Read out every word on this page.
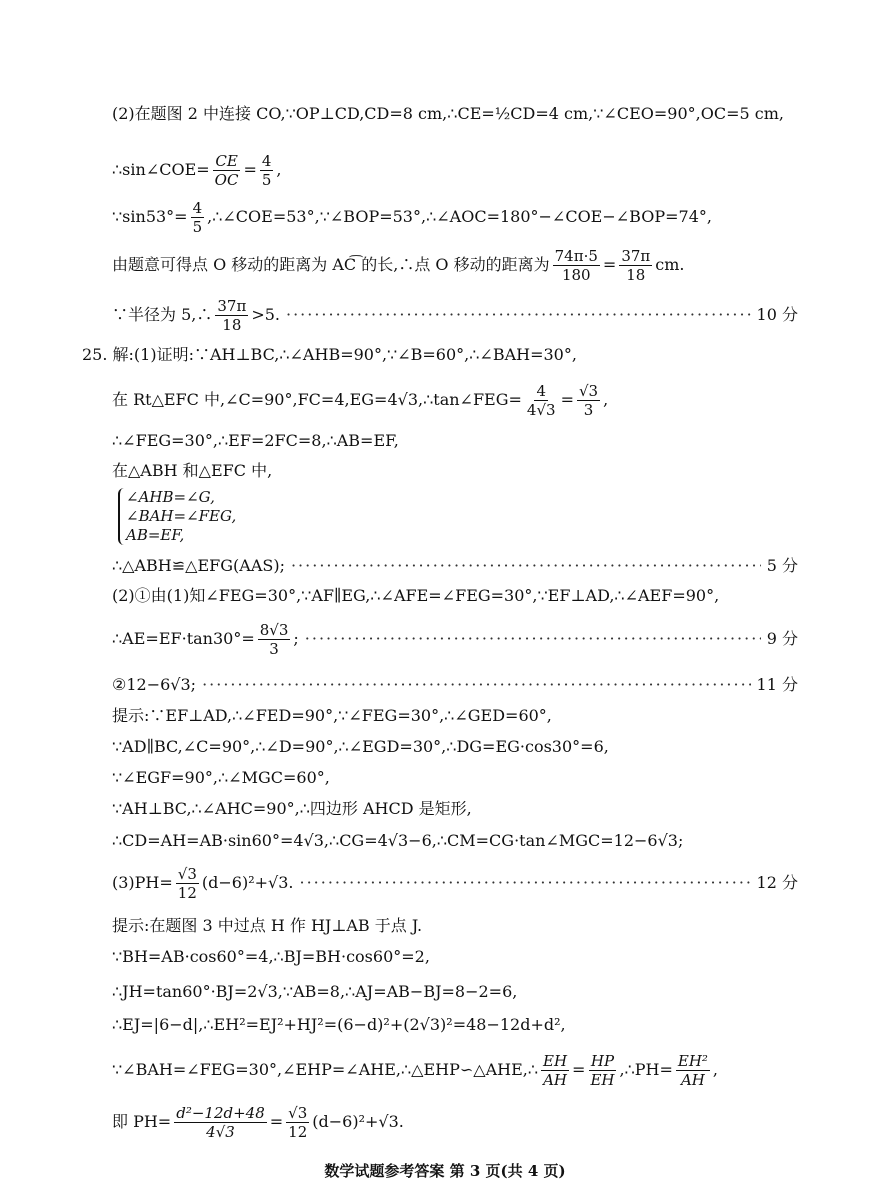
(2)在题图 2 中连接 CO,∵OP⊥CD,CD=8 cm,∴CE=½CD=4 cm,∵∠CEO=90°,OC=5 cm,
∴sin∠COE= $\frac{CE}{OC} = \frac{4}{5}$ ,
∵sin53°= $\frac{4}{5}$ ,∴∠COE=53°,∵∠BOP=53°,∴∠AOC=180°−∠COE−∠BOP=74°,
由题意可得点 O 移动的距离为 AC͡ 的长,∴点 O 移动的距离为 $\frac{74\pi\cdot 5}{180} = \frac{37\pi}{18}$ cm.
∵半径为 5,∴ $\frac{37\pi}{18} >5$. ·····	10 分
25. 解:(1)证明:∵AH⊥BC,∴∠AHB=90°,∵∠B=60°,∴∠BAH=30°,
在 Rt△EFC 中,∠C=90°,FC=4,EG=4√3,∴tan∠FEG= $\frac{4}{4√3} = \frac{√3}{3}$ ,
∴∠FEG=30°,∴EF=2FC=8,∴AB=EF,
在△ABH 和△EFC 中,
∠AHB=∠G,
∠BAH=∠FEG,
AB=EF,
∴△ABH≌△EFG(AAS); ·····	5 分
(2)①由(1)知∠FEG=30°,∵AF∥EG,∴∠AFE=∠FEG=30°,∵EF⊥AD,∴∠AEF=90°,
∴AE=EF·tan30°= $\frac{8√3}{3}$ ; ·····	9 分
②12−6√3; ·····	11 分
提示:∵EF⊥AD,∴∠FED=90°,∵∠FEG=30°,∴∠GED=60°,
∵AD∥BC,∠C=90°,∴∠D=90°,∴∠EGD=30°,∴DG=EG·cos30°=6,
∵∠EGF=90°,∴∠MGC=60°,
∵AH⊥BC,∴∠AHC=90°,∴四边形 AHCD 是矩形,
∴CD=AH=AB·sin60°=4√3,∴CG=4√3−6,∴CM=CG·tan∠MGC=12−6√3;
$(3)PH= \frac{√3}{12} (d-6)^2+√3$. ·····	12 分
提示:在题图 3 中过点 H 作 HJ⊥AB 于点 J.
∵BH=AB·cos60°=4,∴BJ=BH·cos60°=2,
∴JH=tan60°·BJ=2√3,∵AB=8,∴AJ=AB−BJ=8−2=6,
∴EJ=|6−d|,∴EH²=EJ²+HJ²=(6−d)²+(2√3)²=48−12d+d²,
∵∠BAH=∠FEG=30°,∠EHP=∠AHE,∴△EHP∽△AHE,∴ $\frac{EH}{AH} = \frac{HP}{EH}$ ,∴PH= $\frac{\text{EH²}}{AH}$ ,
即 $PH= \frac{\text{d²−12d+48}}{4√3} = \frac{√3}{12} (d-6)^2+√3$.
数学试题参考答案 第 3 页(共 4 页)
